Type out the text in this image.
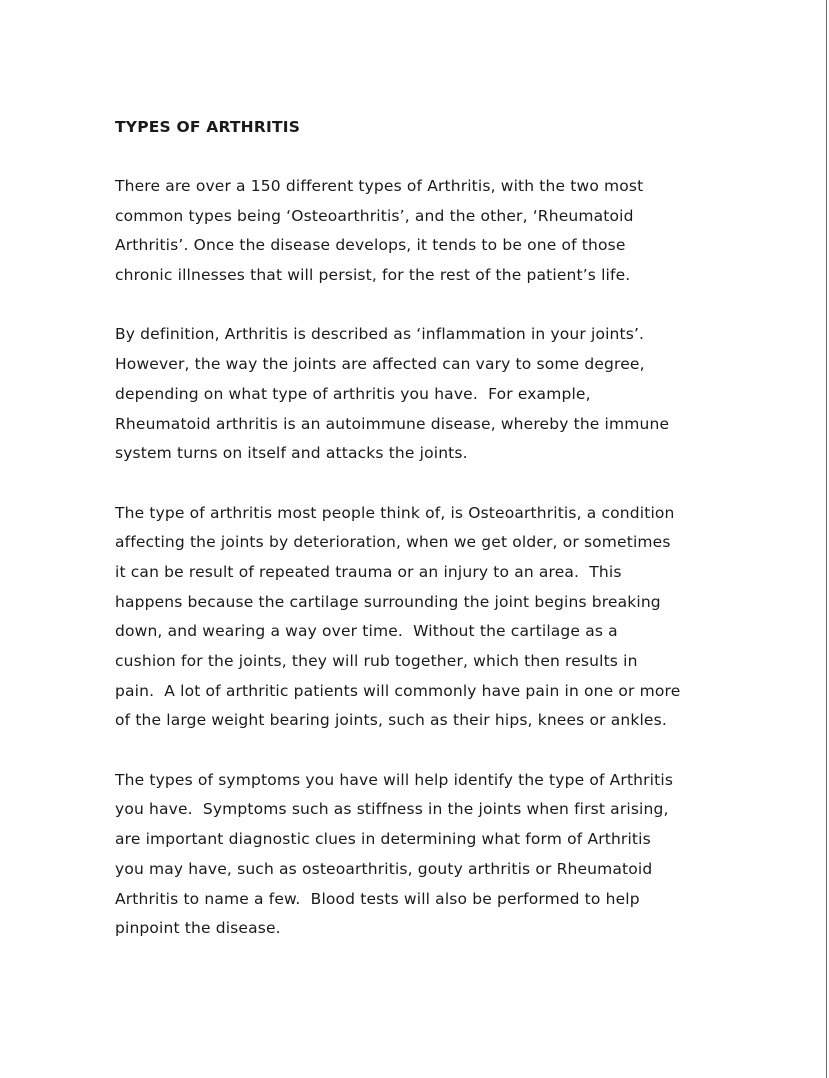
TYPES OF ARTHRITIS
There are over a 150 different types of Arthritis, with the two most
common types being ‘Osteoarthritis’, and the other, ‘Rheumatoid
Arthritis’. Once the disease develops, it tends to be one of those
chronic illnesses that will persist, for the rest of the patient’s life.
By definition, Arthritis is described as ‘inflammation in your joints’.
However, the way the joints are affected can vary to some degree,
depending on what type of arthritis you have.  For example,
Rheumatoid arthritis is an autoimmune disease, whereby the immune
system turns on itself and attacks the joints.
The type of arthritis most people think of, is Osteoarthritis, a condition
affecting the joints by deterioration, when we get older, or sometimes
it can be result of repeated trauma or an injury to an area.  This
happens because the cartilage surrounding the joint begins breaking
down, and wearing a way over time.  Without the cartilage as a
cushion for the joints, they will rub together, which then results in
pain.  A lot of arthritic patients will commonly have pain in one or more
of the large weight bearing joints, such as their hips, knees or ankles.
The types of symptoms you have will help identify the type of Arthritis
you have.  Symptoms such as stiffness in the joints when first arising,
are important diagnostic clues in determining what form of Arthritis
you may have, such as osteoarthritis, gouty arthritis or Rheumatoid
Arthritis to name a few.  Blood tests will also be performed to help
pinpoint the disease.
